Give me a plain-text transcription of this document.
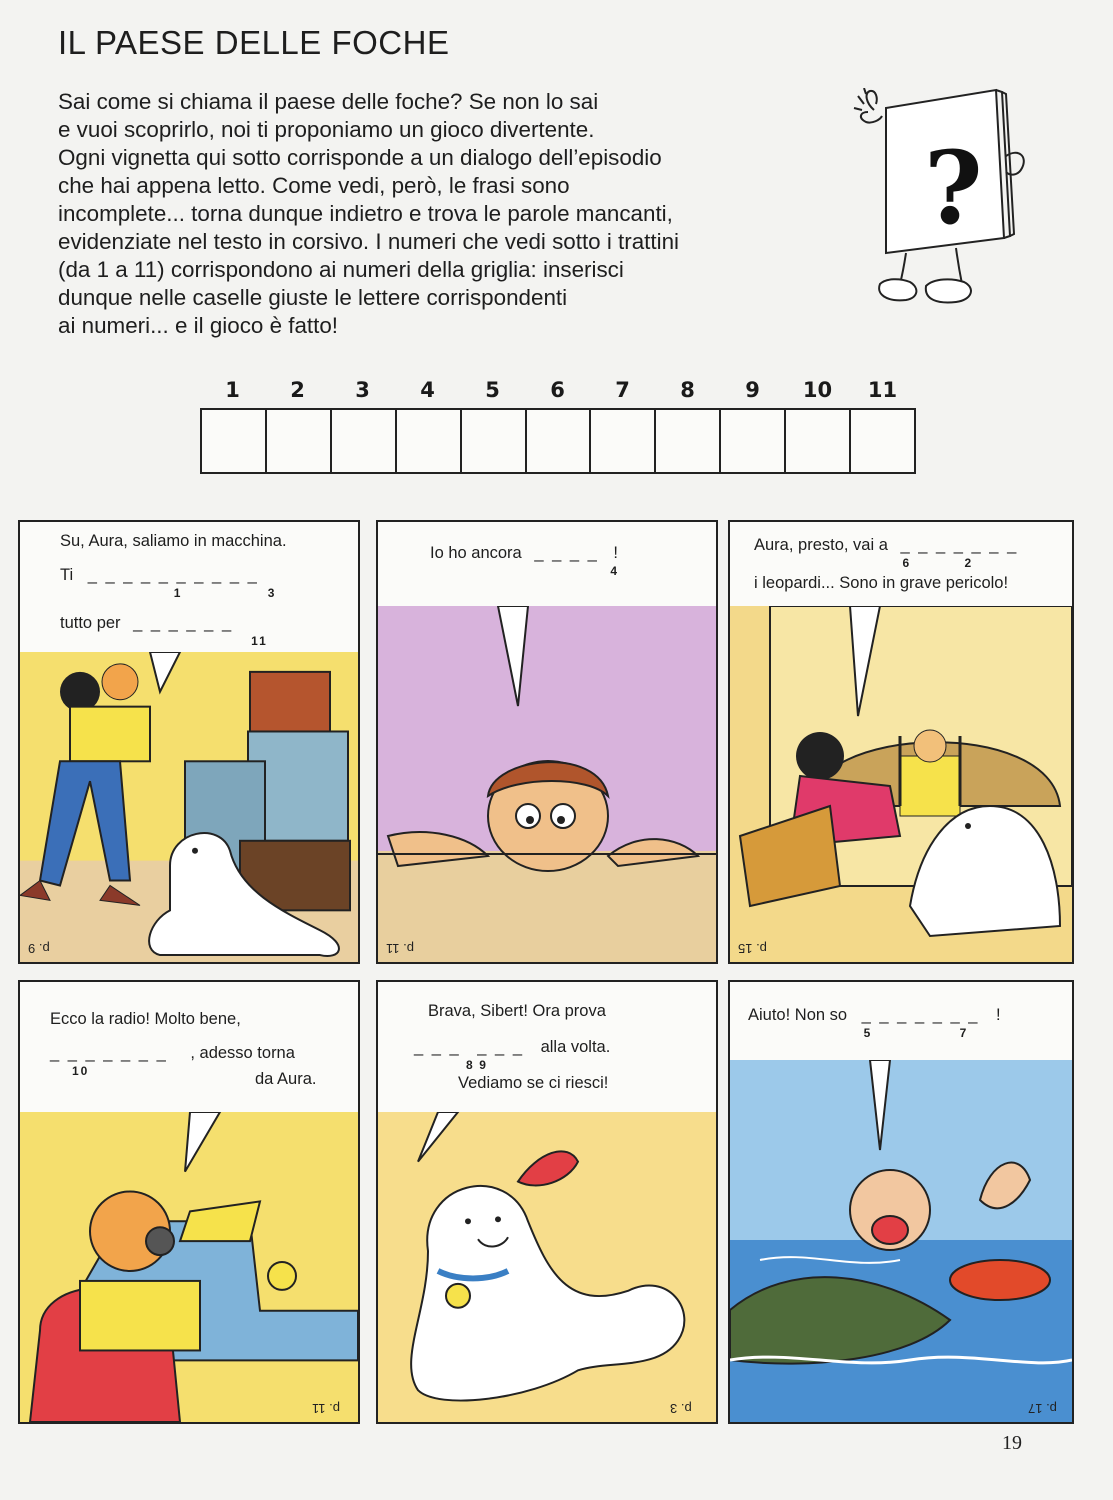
IL PAESE DELLE FOCHE
Sai come si chiama il paese delle foche? Se non lo sai
e vuoi scoprirlo, noi ti proponiamo un gioco divertente.
Ogni vignetta qui sotto corrisponde a un dialogo dell’episodio
che hai appena letto. Come vedi, però, le frasi sono
incomplete... torna dunque indietro e trova le parole mancanti,
evidenziate nel testo in corsivo. I numeri che vedi sotto i trattini
(da 1 a 11) corrispondono ai numeri della griglia: inserisci
dunque nelle caselle giuste le lettere corrispondenti
ai numeri... e il gioco è fatto!
?
1	2	3	4	5	6	7	8	9	10	11
Su, Aura, saliamo in macchina.
Ti _ _ _ _ _ _ _ _ _ _
1	3
tutto per _ _ _ _ _ _
11
p. 9
Io ho ancora _ _ _ _
4
!
p. 11
Aura, presto, vai a _ _ _ _ _ _ _
6	2
i leopardi... Sono in grave pericolo!
p. 15
Ecco la radio! Molto bene,
_ _ _ _ _ _ _
10
, adesso torna
da Aura.
p. 11
Brava, Sibert! Ora prova
_ _ _
8
_ _ _
9
alla volta.
Vediamo se ci riesci!
p. 3
Aiuto! Non so _ _ _ _ _ _ _
5	7
!
p. 17
19
